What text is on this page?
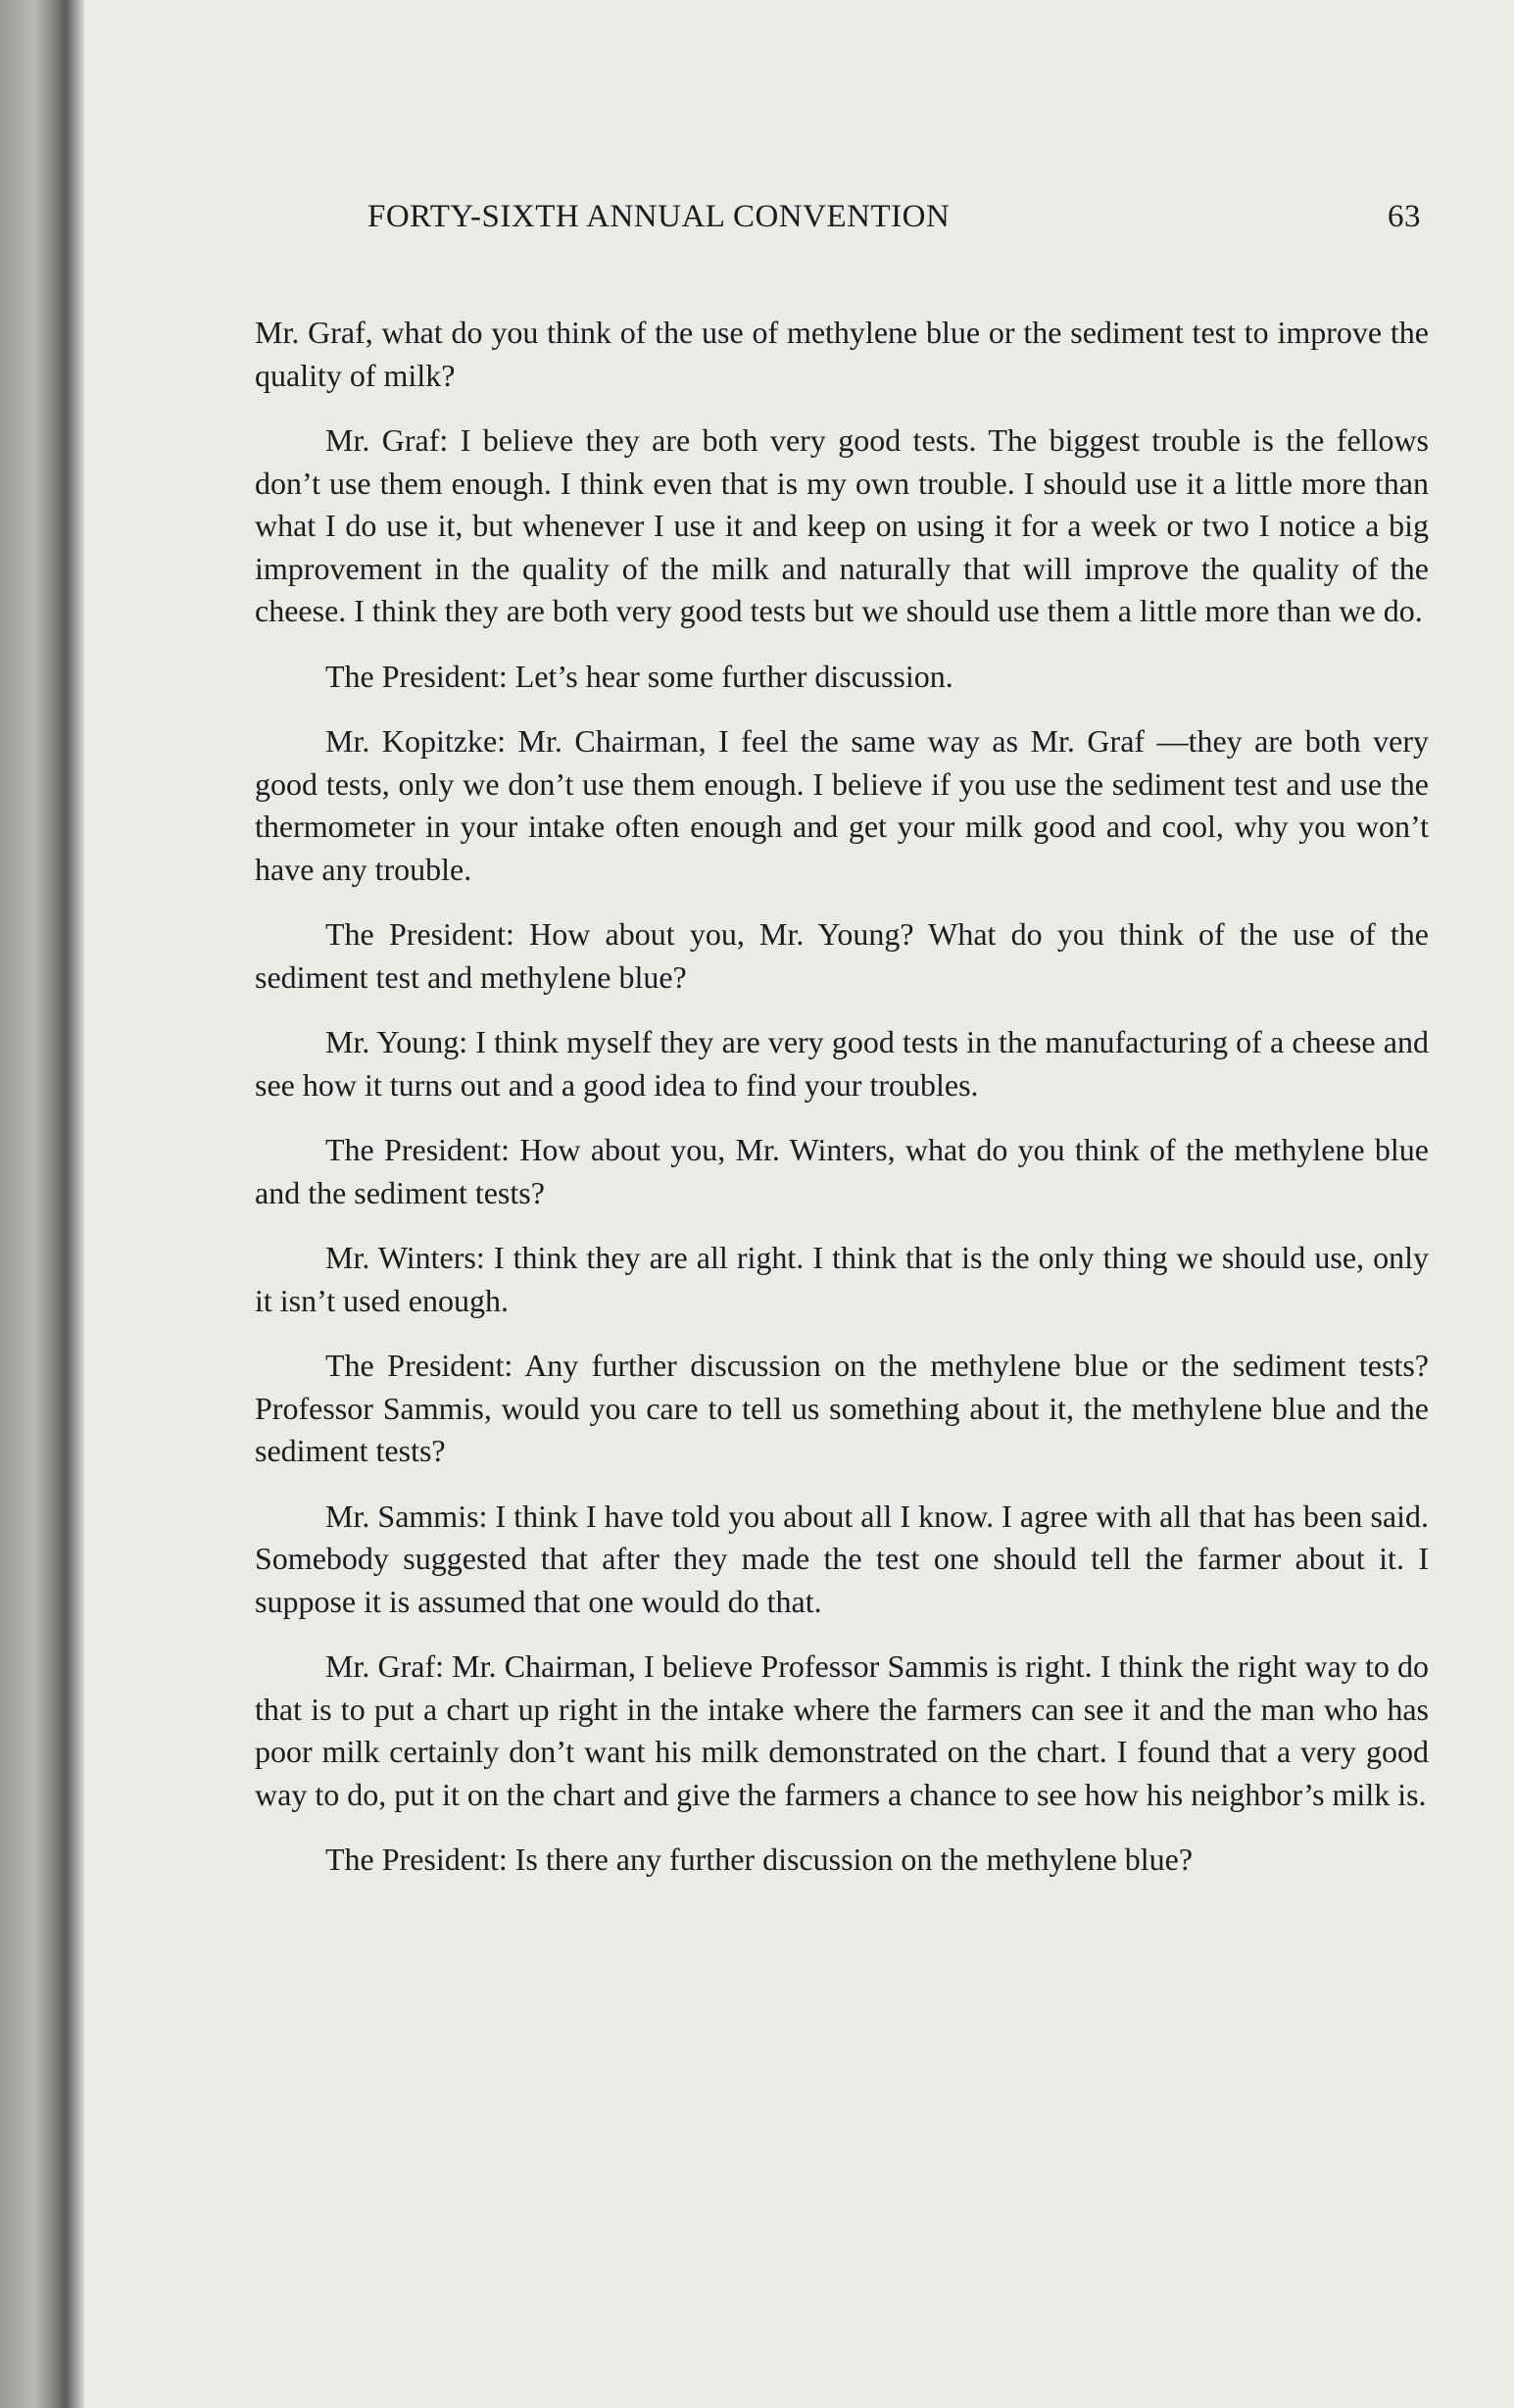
FORTY-SIXTH ANNUAL CONVENTION	63

Mr. Graf, what do you think of the use of methylene blue or the sediment test to improve the quality of milk?

Mr. Graf: I believe they are both very good tests. The biggest trouble is the fellows don’t use them enough. I think even that is my own trouble. I should use it a little more than what I do use it, but whenever I use it and keep on using it for a week or two I notice a big improvement in the quality of the milk and naturally that will improve the quality of the cheese. I think they are both very good tests but we should use them a little more than we do.

The President: Let’s hear some further discussion.

Mr. Kopitzke: Mr. Chairman, I feel the same way as Mr. Graf —they are both very good tests, only we don’t use them enough. I believe if you use the sediment test and use the thermometer in your intake often enough and get your milk good and cool, why you won’t have any trouble.

The President: How about you, Mr. Young? What do you think of the use of the sediment test and methylene blue?

Mr. Young: I think myself they are very good tests in the manufacturing of a cheese and see how it turns out and a good idea to find your troubles.

The President: How about you, Mr. Winters, what do you think of the methylene blue and the sediment tests?

Mr. Winters: I think they are all right. I think that is the only thing we should use, only it isn’t used enough.

The President: Any further discussion on the methylene blue or the sediment tests? Professor Sammis, would you care to tell us something about it, the methylene blue and the sediment tests?

Mr. Sammis: I think I have told you about all I know. I agree with all that has been said. Somebody suggested that after they made the test one should tell the farmer about it. I suppose it is assumed that one would do that.

Mr. Graf: Mr. Chairman, I believe Professor Sammis is right. I think the right way to do that is to put a chart up right in the intake where the farmers can see it and the man who has poor milk certainly don’t want his milk demonstrated on the chart. I found that a very good way to do, put it on the chart and give the farmers a chance to see how his neighbor’s milk is.

The President: Is there any further discussion on the methylene blue?
